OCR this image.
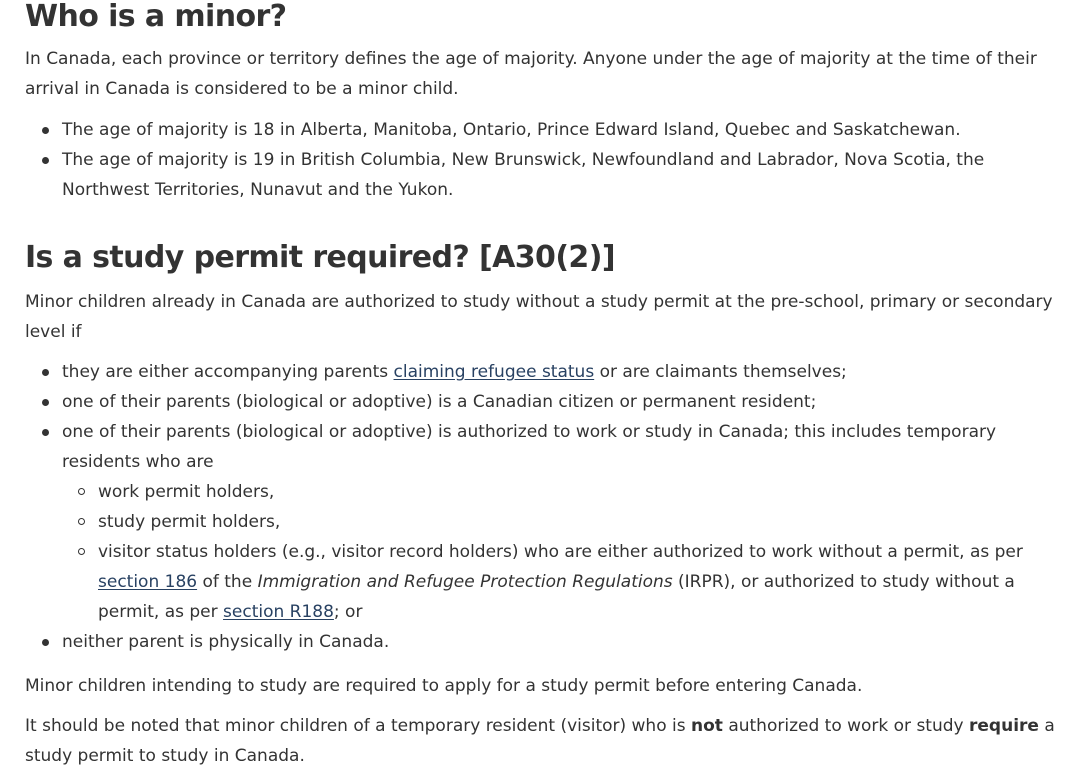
Who is a minor?

In Canada, each province or territory defines the age of majority. Anyone under the age of majority at the time of their arrival in Canada is considered to be a minor child.

The age of majority is 18 in Alberta, Manitoba, Ontario, Prince Edward Island, Quebec and Saskatchewan.
The age of majority is 19 in British Columbia, New Brunswick, Newfoundland and Labrador, Nova Scotia, the Northwest Territories, Nunavut and the Yukon.
Is a study permit required? [A30(2)]

Minor children already in Canada are authorized to study without a study permit at the pre-school, primary or secondary level if

they are either accompanying parents claiming refugee status or are claimants themselves;
one of their parents (biological or adoptive) is a Canadian citizen or permanent resident;
one of their parents (biological or adoptive) is authorized to work or study in Canada; this includes temporary residents who are
work permit holders,
study permit holders,
visitor status holders (e.g., visitor record holders) who are either authorized to work without a permit, as per section 186 of the Immigration and Refugee Protection Regulations (IRPR), or authorized to study without a permit, as per section R188; or
neither parent is physically in Canada.

Minor children intending to study are required to apply for a study permit before entering Canada.

It should be noted that minor children of a temporary resident (visitor) who is not authorized to work or study require a study permit to study in Canada.
